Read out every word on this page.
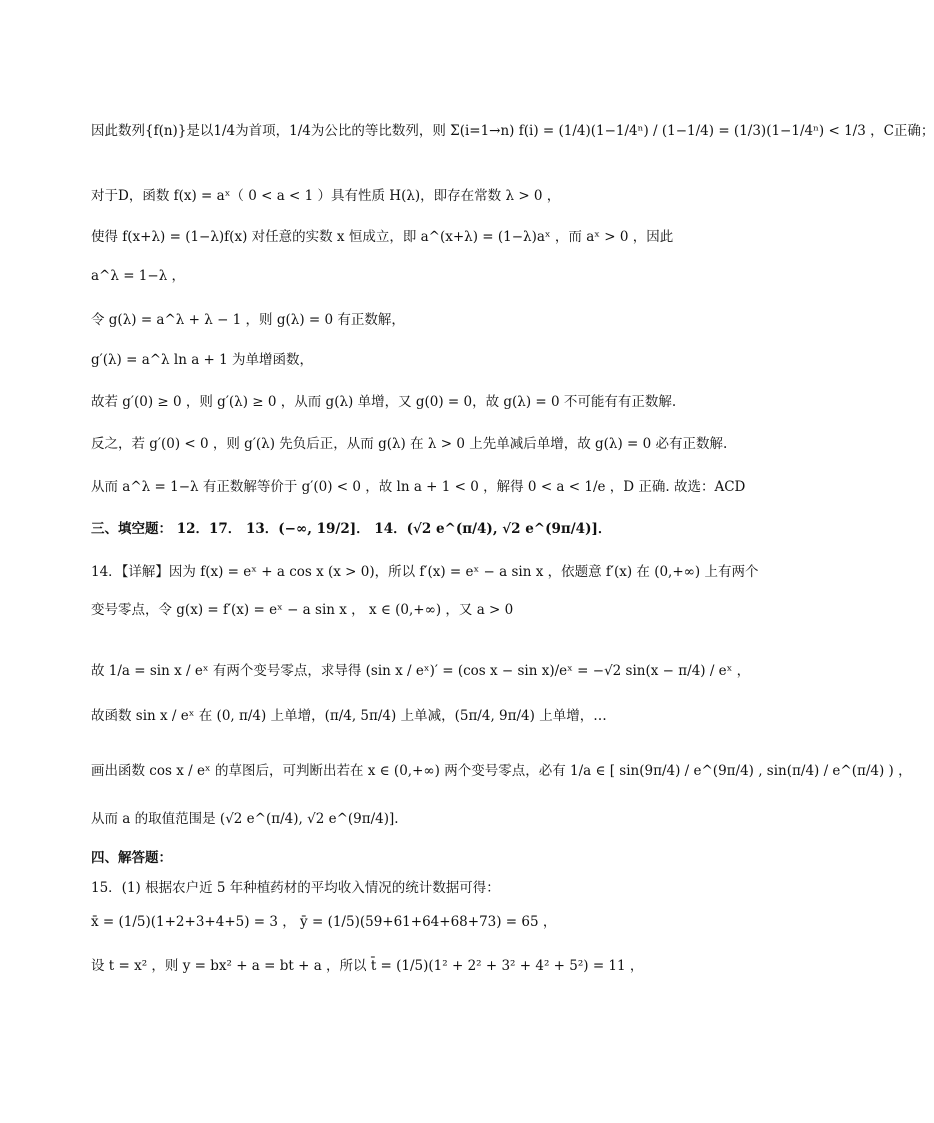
因此数列{f(n)}是以1/4为首项，1/4为公比的等比数列，则 Σ(i=1→n) f(i) = (1/4)(1−1/4ⁿ) / (1−1/4) = (1/3)(1−1/4ⁿ) < 1/3 ，C正确；
对于D，函数 f(x) = aˣ（ 0 < a < 1 ）具有性质 H(λ)，即存在常数 λ > 0 ，
使得 f(x+λ) = (1−λ)f(x) 对任意的实数 x 恒成立，即 a^(x+λ) = (1−λ)aˣ ，而 aˣ > 0 ，因此
a^λ = 1−λ ，
令 g(λ) = a^λ + λ − 1 ，则 g(λ) = 0 有正数解，
g′(λ) = a^λ ln a + 1 为单增函数，
故若 g′(0) ≥ 0 ，则 g′(λ) ≥ 0 ，从而 g(λ) 单增，又 g(0) = 0，故 g(λ) = 0 不可能有有正数解.
反之，若 g′(0) < 0 ，则 g′(λ) 先负后正，从而 g(λ) 在 λ > 0 上先单减后单增，故 g(λ) = 0 必有正数解.
从而 a^λ = 1−λ 有正数解等价于 g′(0) < 0 ，故 ln a + 1 < 0 ，解得 0 < a < 1/e ，D 正确. 故选：ACD
三、填空题： 12．17． 13．(−∞, 19/2]． 14．(√2 e^(π/4), √2 e^(9π/4)]．
14．【详解】因为 f(x) = eˣ + a cos x (x > 0)，所以 f′(x) = eˣ − a sin x ，依题意 f′(x) 在 (0,+∞) 上有两个
变号零点，令 g(x) = f′(x) = eˣ − a sin x ， x ∈ (0,+∞) ，又 a > 0
故 1/a = sin x / eˣ 有两个变号零点，求导得 (sin x / eˣ)′ = (cos x − sin x)/eˣ = −√2 sin(x − π/4) / eˣ ，
故函数 sin x / eˣ 在 (0, π/4) 上单增，(π/4, 5π/4) 上单减，(5π/4, 9π/4) 上单增，…
画出函数 cos x / eˣ 的草图后，可判断出若在 x ∈ (0,+∞) 两个变号零点，必有 1/a ∈ [ sin(9π/4) / e^(9π/4) , sin(π/4) / e^(π/4) ) ，
从而 a 的取值范围是 (√2 e^(π/4), √2 e^(9π/4)].
四、解答题：
15．(1) 根据农户近 5 年种植药材的平均收入情况的统计数据可得：
x̄ = (1/5)(1+2+3+4+5) = 3 ， ȳ = (1/5)(59+61+64+68+73) = 65 ，
设 t = x² ，则 y = bx² + a = bt + a ，所以 t̄ = (1/5)(1² + 2² + 3² + 4² + 5²) = 11 ，
